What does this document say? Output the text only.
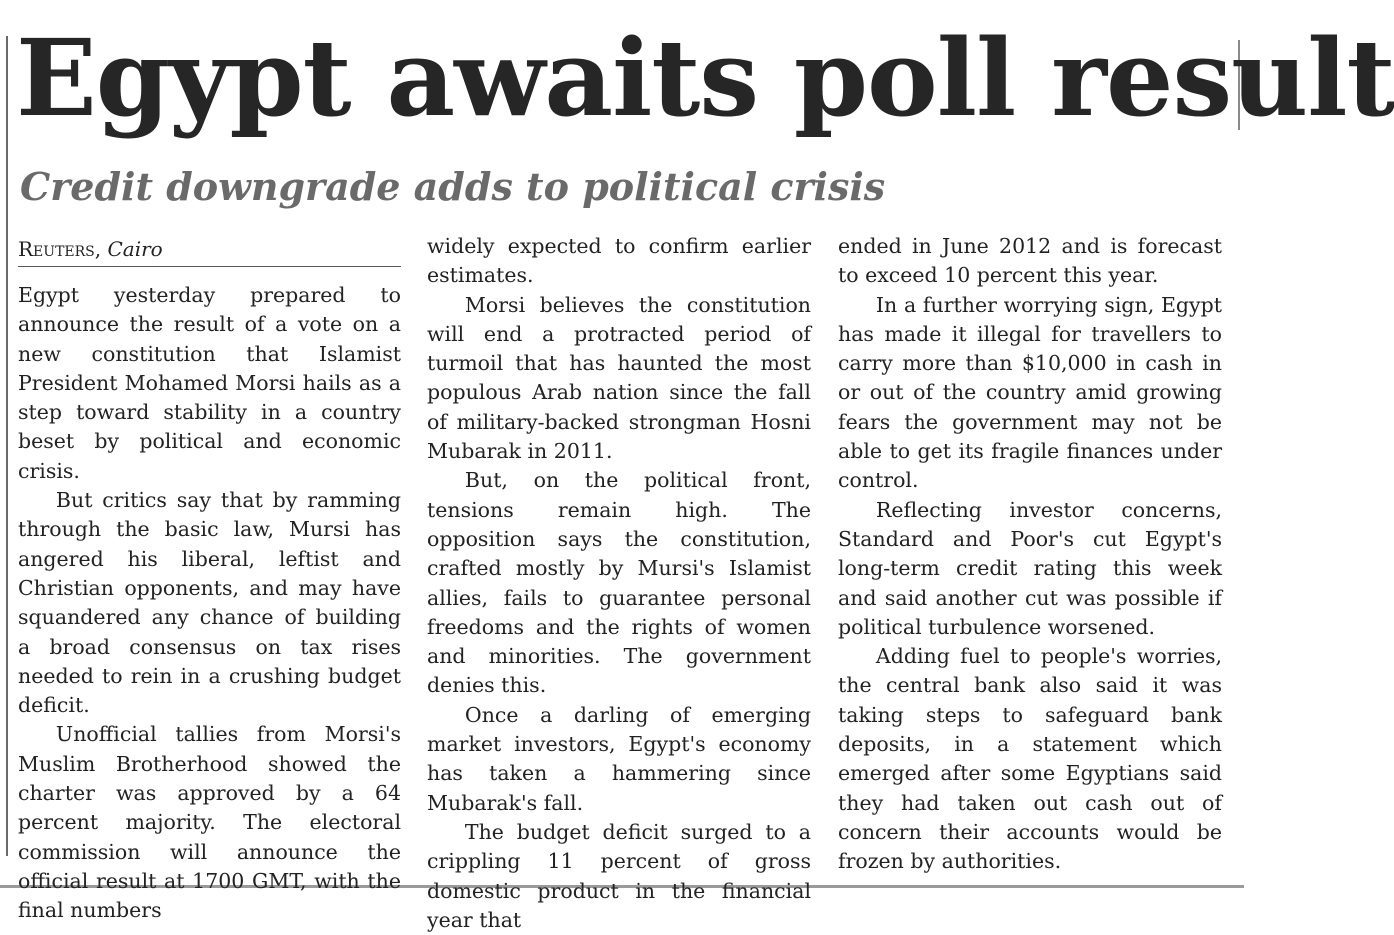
Egypt awaits poll result
Credit downgrade adds to political crisis
Reuters, Cairo

Egypt yesterday prepared to announce the result of a vote on a new constitution that Islamist President Mohamed Morsi hails as a step toward stability in a country beset by political and economic crisis.

But critics say that by ramming through the basic law, Mursi has angered his liberal, leftist and Christian opponents, and may have squandered any chance of building a broad consensus on tax rises needed to rein in a crushing budget deficit.

Unofficial tallies from Morsi's Muslim Brotherhood showed the charter was approved by a 64 percent majority. The electoral commission will announce the official result at 1700 GMT, with the final numbers

widely expected to confirm earlier estimates.

Morsi believes the constitution will end a protracted period of turmoil that has haunted the most populous Arab nation since the fall of military-backed strongman Hosni Mubarak in 2011.

But, on the political front, tensions remain high. The opposition says the constitution, crafted mostly by Mursi's Islamist allies, fails to guarantee personal freedoms and the rights of women and minorities. The government denies this.

Once a darling of emerging market investors, Egypt's economy has taken a hammering since Mubarak's fall.

The budget deficit surged to a crippling 11 percent of gross domestic product in the financial year that

ended in June 2012 and is forecast to exceed 10 percent this year.

In a further worrying sign, Egypt has made it illegal for travellers to carry more than $10,000 in cash in or out of the country amid growing fears the government may not be able to get its fragile finances under control.

Reflecting investor concerns, Standard and Poor's cut Egypt's long-term credit rating this week and said another cut was possible if political turbulence worsened.

Adding fuel to people's worries, the central bank also said it was taking steps to safeguard bank deposits, in a statement which emerged after some Egyptians said they had taken out cash out of concern their accounts would be frozen by authorities.
